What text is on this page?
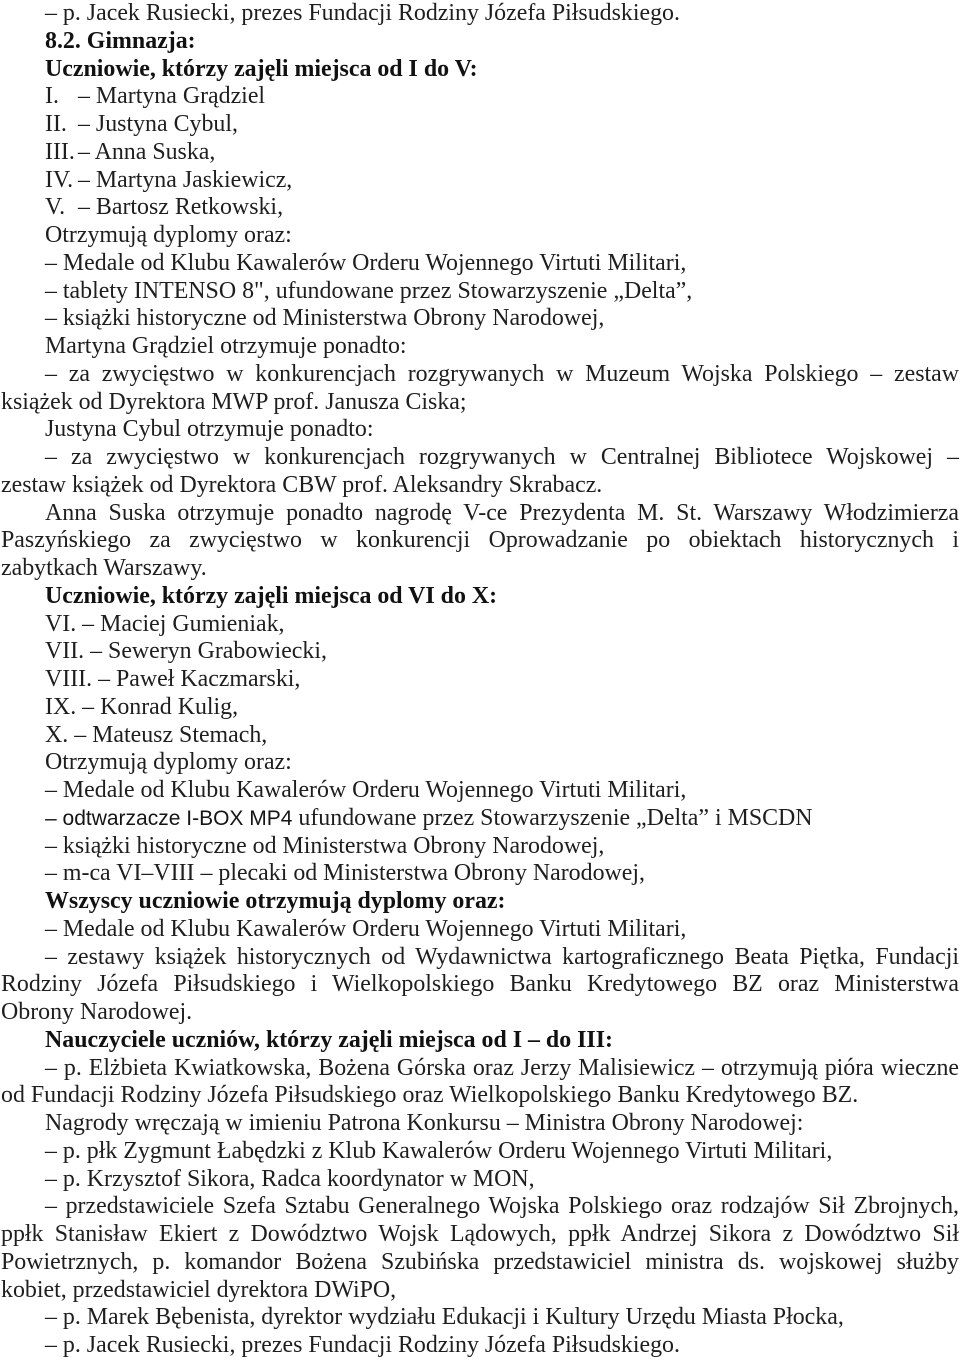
– p. Jacek Rusiecki, prezes Fundacji Rodziny Józefa Piłsudskiego.
8.2. Gimnazja:
Uczniowie, którzy zajęli miejsca od I do V:
I. – Martyna Grądziel
II. – Justyna Cybul,
III. – Anna Suska,
IV. – Martyna Jaskiewicz,
V. – Bartosz Retkowski,
Otrzymują dyplomy oraz:
– Medale od Klubu Kawalerów Orderu Wojennego Virtuti Militari,
– tablety INTENSO 8", ufundowane przez Stowarzyszenie „Delta”,
– książki historyczne od Ministerstwa Obrony Narodowej,
Martyna Grądziel otrzymuje ponadto:
– za zwycięstwo w konkurencjach rozgrywanych w Muzeum Wojska Polskiego – zestaw
książek od Dyrektora MWP prof. Janusza Ciska;
Justyna Cybul otrzymuje ponadto:
– za zwycięstwo w konkurencjach rozgrywanych w Centralnej Bibliotece Wojskowej –
zestaw książek od Dyrektora CBW prof. Aleksandry Skrabacz.
Anna Suska otrzymuje ponadto nagrodę V-ce Prezydenta M. St. Warszawy Włodzimierza
Paszyńskiego za zwycięstwo w konkurencji Oprowadzanie po obiektach historycznych i
zabytkach Warszawy.
Uczniowie, którzy zajęli miejsca od VI do X:
VI. – Maciej Gumieniak,
VII. – Seweryn Grabowiecki,
VIII. – Paweł Kaczmarski,
IX. – Konrad Kulig,
X. – Mateusz Stemach,
Otrzymują dyplomy oraz:
– Medale od Klubu Kawalerów Orderu Wojennego Virtuti Militari,
– odtwarzacze I-BOX MP4 ufundowane przez Stowarzyszenie „Delta” i MSCDN
– książki historyczne od Ministerstwa Obrony Narodowej,
– m-ca VI–VIII – plecaki od Ministerstwa Obrony Narodowej,
Wszyscy uczniowie otrzymują dyplomy oraz:
– Medale od Klubu Kawalerów Orderu Wojennego Virtuti Militari,
– zestawy książek historycznych od Wydawnictwa kartograficznego Beata Piętka, Fundacji
Rodziny Józefa Piłsudskiego i Wielkopolskiego Banku Kredytowego BZ oraz Ministerstwa
Obrony Narodowej.
Nauczyciele uczniów, którzy zajęli miejsca od I – do III:
– p. Elżbieta Kwiatkowska, Bożena Górska oraz Jerzy Malisiewicz – otrzymują pióra wieczne
od Fundacji Rodziny Józefa Piłsudskiego oraz Wielkopolskiego Banku Kredytowego BZ.
Nagrody wręczają w imieniu Patrona Konkursu – Ministra Obrony Narodowej:
– p. płk Zygmunt Łabędzki z Klub Kawalerów Orderu Wojennego Virtuti Militari,
– p. Krzysztof Sikora, Radca koordynator w MON,
– przedstawiciele Szefa Sztabu Generalnego Wojska Polskiego oraz rodzajów Sił Zbrojnych,
ppłk Stanisław Ekiert z Dowództwo Wojsk Lądowych, ppłk Andrzej Sikora z Dowództwo Sił
Powietrznych, p. komandor Bożena Szubińska przedstawiciel ministra ds. wojskowej służby
kobiet, przedstawiciel dyrektora DWiPO,
– p. Marek Bębenista, dyrektor wydziału Edukacji i Kultury Urzędu Miasta Płocka,
– p. Jacek Rusiecki, prezes Fundacji Rodziny Józefa Piłsudskiego.
